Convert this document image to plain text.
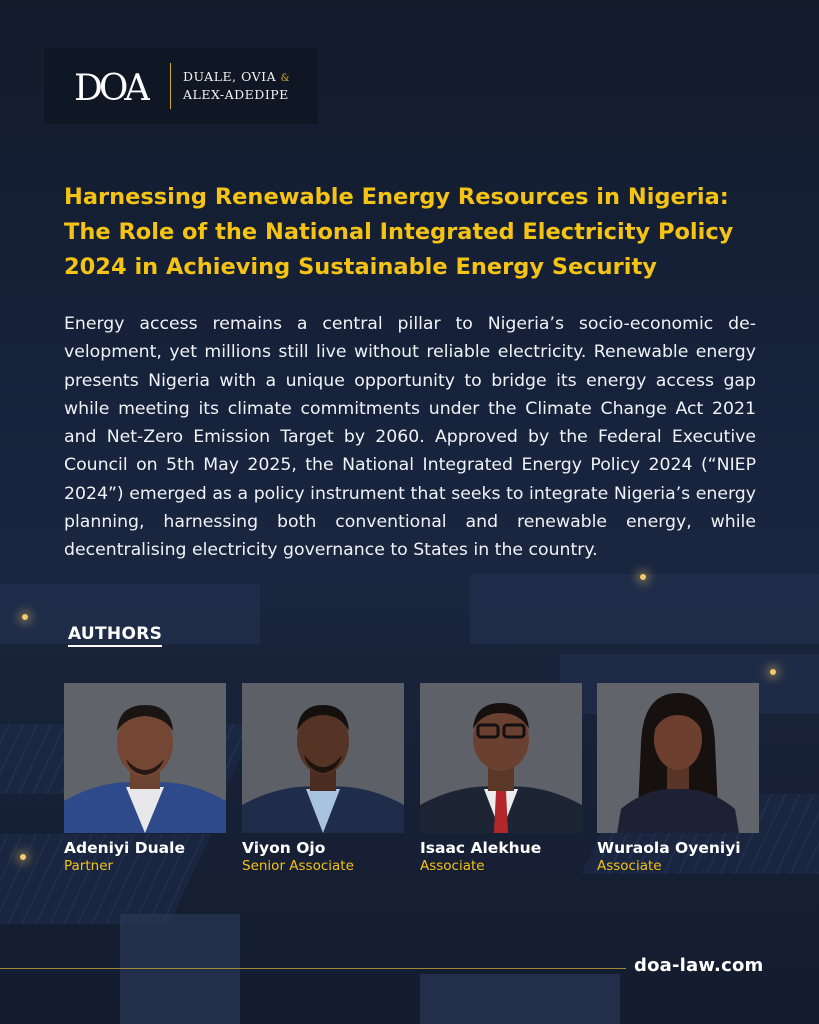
DOA	DUALE, OVIA &
ALEX-ADEDIPE
Harnessing Renewable Energy Resources in Nigeria: The Role of the National Integrated Electricity Policy 2024 in Achieving Sustainable Energy Security

Energy access remains a central pillar to Nigeria’s socio-economic development, yet millions still live without reliable electricity. Renewable energy presents Nigeria with a unique opportunity to bridge its energy access gap while meeting its climate commitments under the Climate Change Act 2021 and Net-Zero Emission Target by 2060. Approved by the Federal Executive Council on 5th May 2025, the National Integrated Energy Policy 2024 (“NIEP 2024”) emerged as a policy instrument that seeks to integrate Nigeria’s energy planning, harnessing both conventional and renewable energy, while decentralising electricity governance to States in the country.

AUTHORS
Adeniyi Duale
Partner
Viyon Ojo
Senior Associate
Isaac Alekhue
Associate
Wuraola Oyeniyi
Associate
doa-law.com
